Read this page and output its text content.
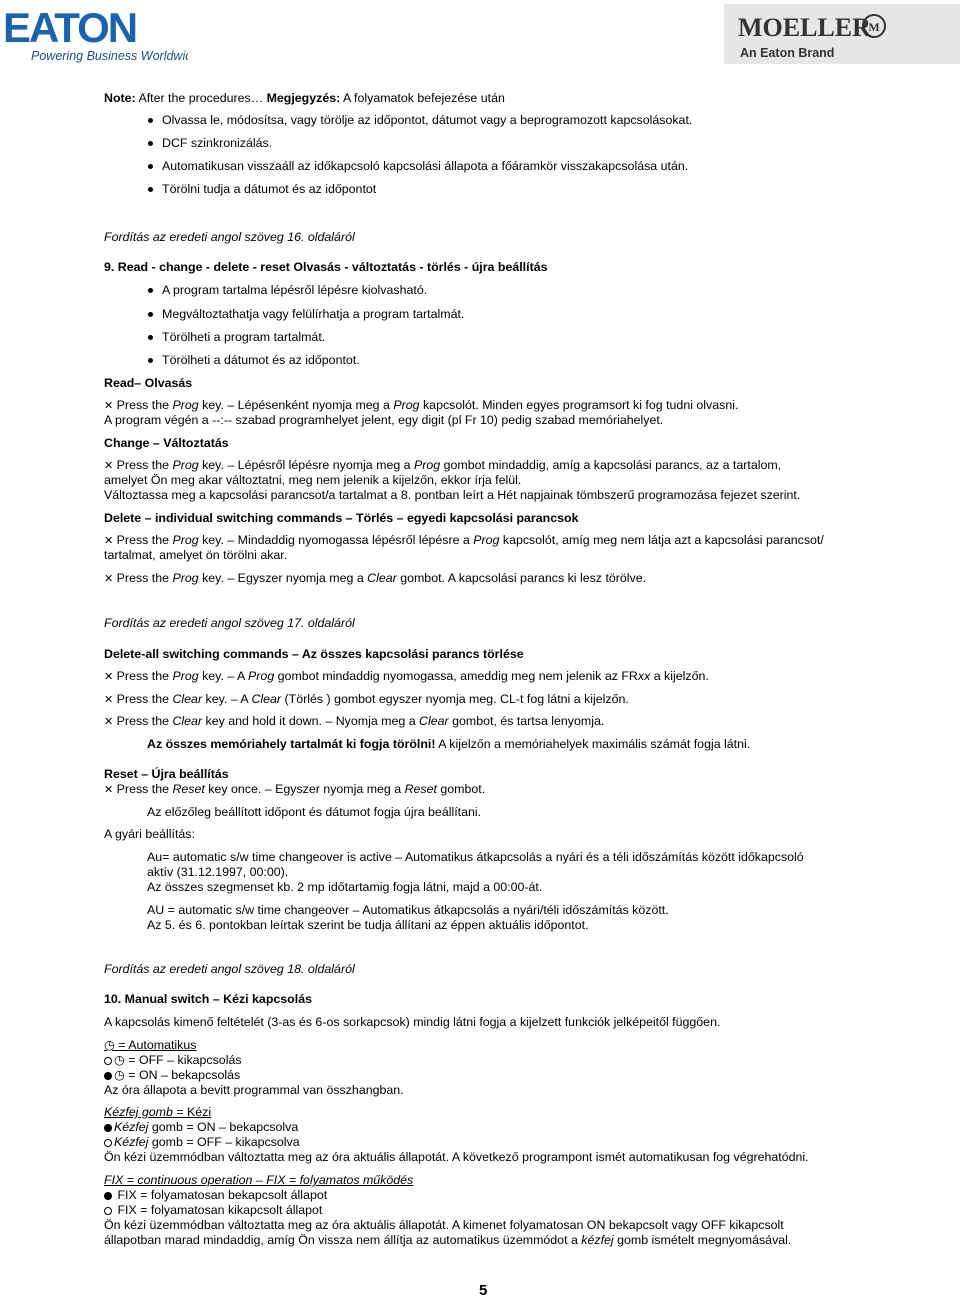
EATON
Powering Business Worldwide
MOELLER
M
An Eaton Brand
Note: After the procedures… Megjegyzés: A folyamatok befejezése után
Olvassa le, módosítsa, vagy törölje az időpontot, dátumot vagy a beprogramozott kapcsolásokat.
DCF szinkronizálás.
Automatikusan visszaáll az időkapcsoló kapcsolási állapota a főáramkör visszakapcsolása után.
Törölni tudja a dátumot és az időpontot
Fordítás az eredeti angol szöveg 16. oldaláról
9. Read - change - delete - reset Olvasás - változtatás - törlés - újra beállítás
A program tartalma lépésről lépésre kiolvasható.
Megváltoztathatja vagy felülírhatja a program tartalmát.
Törölheti a program tartalmát.
Törölheti a dátumot és az időpontot.
Read– Olvasás
✕ Press the Prog key. – Lépésenként nyomja meg a Prog kapcsolót. Minden egyes programsort ki fog tudni olvasni.
A program végén a --:-- szabad programhelyet jelent, egy digit (pl Fr 10) pedig szabad memóriahelyet.
Change – Változtatás
✕ Press the Prog key. – Lépésről lépésre nyomja meg a Prog gombot mindaddig, amíg a kapcsolási parancs, az a tartalom,
amelyet Ön meg akar változtatni, meg nem jelenik a kijelzőn, ekkor írja felül.
Változtassa meg a kapcsolási parancsot/a tartalmat a 8. pontban leírt a Hét napjainak tömbszerű programozása fejezet szerint.
Delete – individual switching commands – Törlés – egyedi kapcsolási parancsok
✕ Press the Prog key. – Mindaddig nyomogassa lépésről lépésre a Prog kapcsolót, amíg meg nem látja azt a kapcsolási parancsot/
tartalmat, amelyet ön törölni akar.
✕ Press the Prog key. – Egyszer nyomja meg a Clear gombot. A kapcsolási parancs ki lesz törölve.
Fordítás az eredeti angol szöveg 17. oldaláról
Delete-all switching commands – Az összes kapcsolási parancs törlése
✕ Press the Prog key. – A Prog gombot mindaddig nyomogassa, ameddig meg nem jelenik az FRxx a kijelzőn.
✕ Press the Clear key. – A Clear (Törlés ) gombot egyszer nyomja meg. CL-t fog látni a kijelzőn.
✕ Press the Clear key and hold it down. – Nyomja meg a Clear gombot, és tartsa lenyomja.
Az összes memóriahely tartalmát ki fogja törölni! A kijelzőn a memóriahelyek maximális számát fogja látni.
Reset – Újra beállítás
✕ Press the Reset key once. – Egyszer nyomja meg a Reset gombot.
Az előzőleg beállított időpont és dátumot fogja újra beállítani.
A gyári beállítás:
Au= automatic s/w time changeover is active – Automatikus átkapcsolás a nyári és a téli időszámítás között időkapcsoló
aktív (31.12.1997, 00:00).
Az összes szegmenset kb. 2 mp időtartamig fogja látni, majd a 00:00-át.
AU = automatic s/w time changeover – Automatikus átkapcsolás a nyári/téli időszámítás között.
Az 5. és 6. pontokban leírtak szerint be tudja állítani az éppen aktuális időpontot.
Fordítás az eredeti angol szöveg 18. oldaláról
10. Manual switch – Kézi kapcsolás
A kapcsolás kimenő feltételét (3-as és 6-os sorkapcsok) mindig látni fogja a kijelzett funkciók jelképeitől függően.
◷ = Automatikus
◷ = OFF – kikapcsolás
◷ = ON – bekapcsolás
Az óra állapota a bevitt programmal van összhangban.
Kézfej gomb = Kézi
Kézfej gomb = ON – bekapcsolva
Kézfej gomb = OFF – kikapcsolva
Ön kézi üzemmódban változtatta meg az óra aktuális állapotát. A következő programpont ismét automatikusan fog végrehatódni.
FIX = continuous operation – FIX = folyamatos működés
FIX = folyamatosan bekapcsolt állapot
FIX = folyamatosan kikapcsolt állapot
Ön kézi üzemmódban változtatta meg az óra aktuális állapotát. A kimenet folyamatosan ON bekapcsolt vagy OFF kikapcsolt
állapotban marad mindaddig, amíg Ön vissza nem állítja az automatikus üzemmódot a kézfej gomb ismételt megnyomásával.
5
